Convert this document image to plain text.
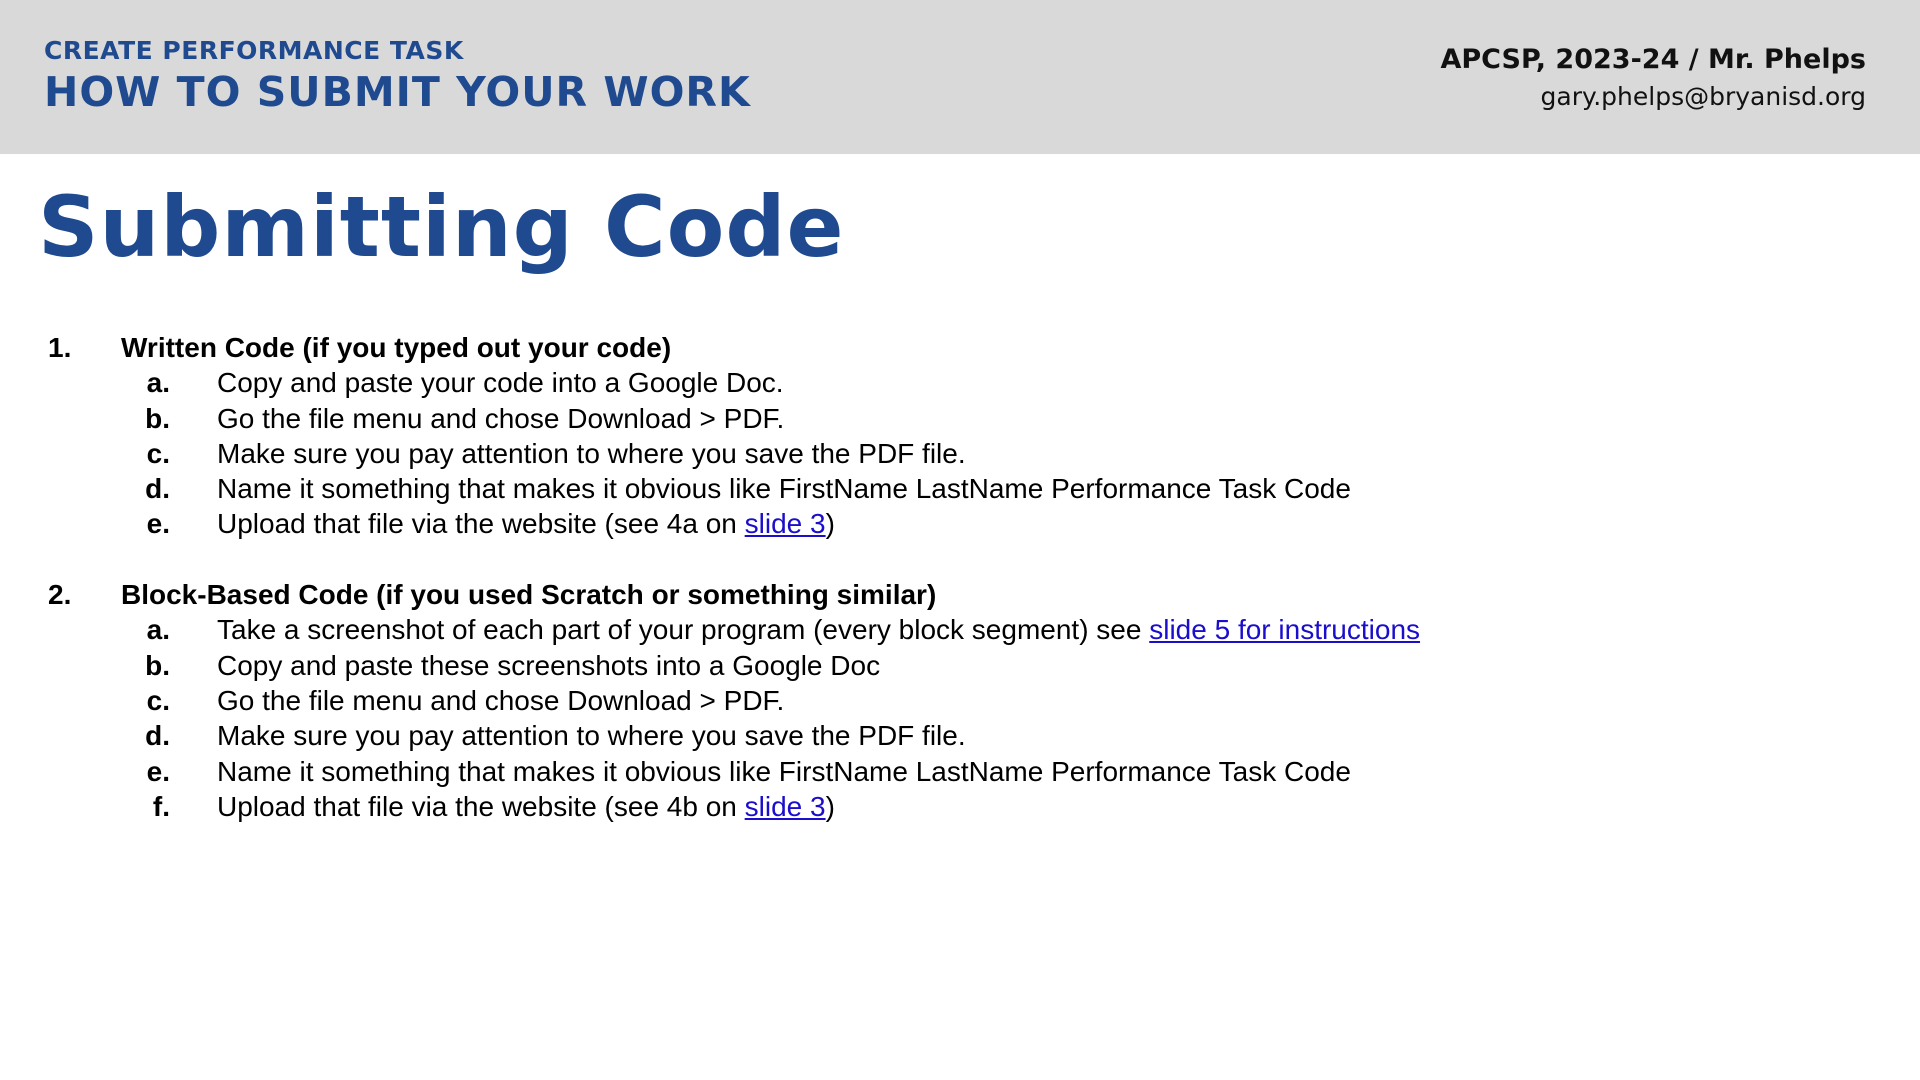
CREATE PERFORMANCE TASK
HOW TO SUBMIT YOUR WORK
APCSP, 2023-24 / Mr. Phelps
gary.phelps@bryanisd.org
Submitting Code
1. Written Code (if you typed out your code)
a. Copy and paste your code into a Google Doc.
b. Go the file menu and chose Download > PDF.
c. Make sure you pay attention to where you save the PDF file.
d. Name it something that makes it obvious like FirstName LastName Performance Task Code
e. Upload that file via the website (see 4a on slide 3)
2. Block-Based Code (if you used Scratch or something similar)
a. Take a screenshot of each part of your program (every block segment) see slide 5 for instructions
b. Copy and paste these screenshots into a Google Doc
c. Go the file menu and chose Download > PDF.
d. Make sure you pay attention to where you save the PDF file.
e. Name it something that makes it obvious like FirstName LastName Performance Task Code
f. Upload that file via the website (see 4b on slide 3)
